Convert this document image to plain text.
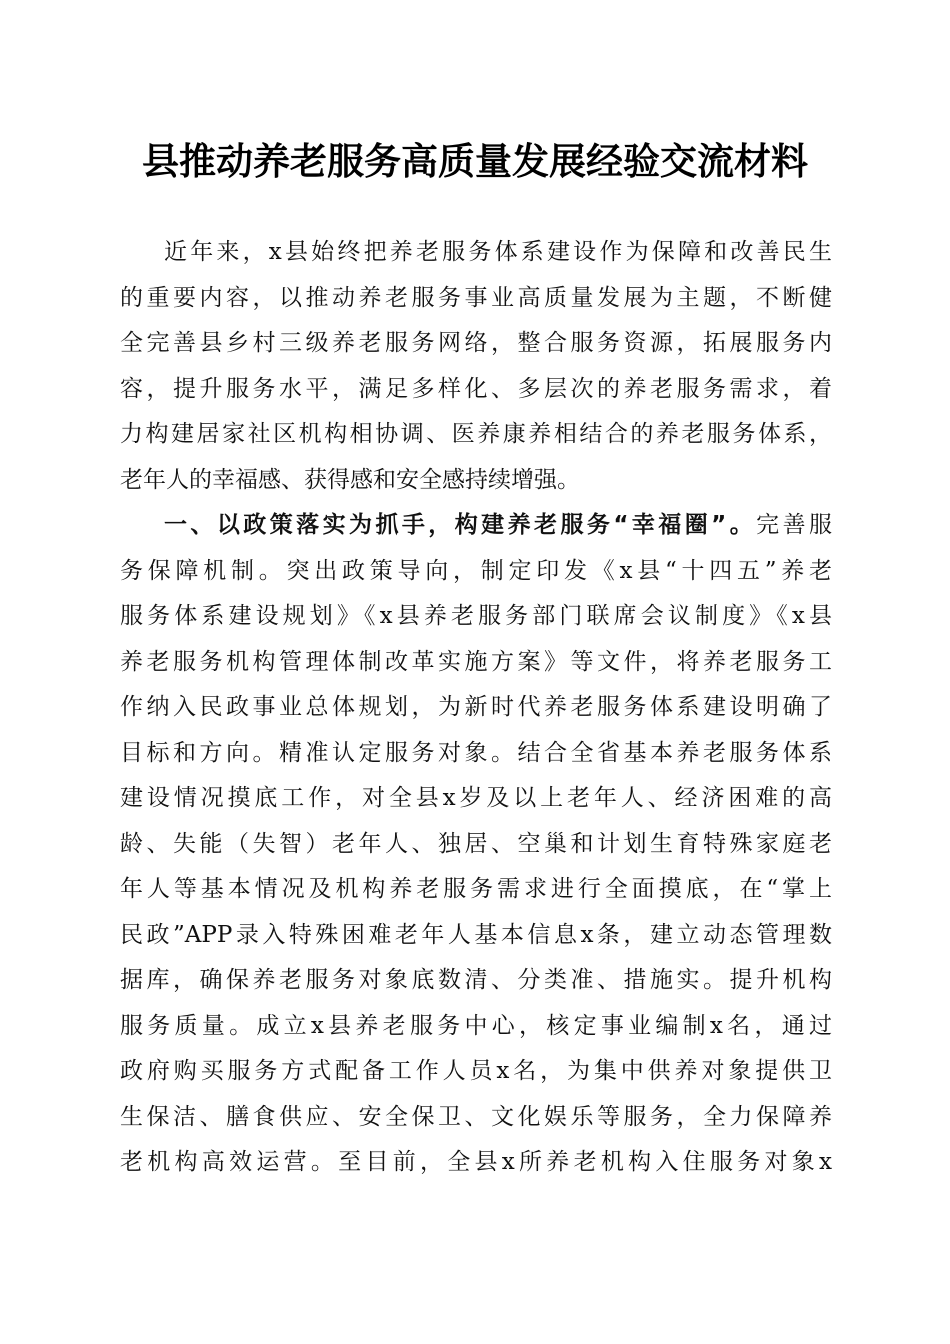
县推动养老服务高质量发展经验交流材料
近年来，x县始终把养老服务体系建设作为保障和改善民生
的重要内容，以推动养老服务事业高质量发展为主题，不断健
全完善县乡村三级养老服务网络，整合服务资源，拓展服务内
容，提升服务水平，满足多样化、多层次的养老服务需求，着
力构建居家社区机构相协调、医养康养相结合的养老服务体系，
老年人的幸福感、获得感和安全感持续增强。
一、以政策落实为抓手，构建养老服务“幸福圈”。完善服
务保障机制。突出政策导向，制定印发《x县“十四五”养老
服务体系建设规划》《x县养老服务部门联席会议制度》《x县
养老服务机构管理体制改革实施方案》等文件，将养老服务工
作纳入民政事业总体规划，为新时代养老服务体系建设明确了
目标和方向。精准认定服务对象。结合全省基本养老服务体系
建设情况摸底工作，对全县x岁及以上老年人、经济困难的高
龄、失能（失智）老年人、独居、空巢和计划生育特殊家庭老
年人等基本情况及机构养老服务需求进行全面摸底，在“掌上
民政”APP录入特殊困难老年人基本信息x条，建立动态管理数
据库，确保养老服务对象底数清、分类准、措施实。提升机构
服务质量。成立x县养老服务中心，核定事业编制x名，通过
政府购买服务方式配备工作人员x名，为集中供养对象提供卫
生保洁、膳食供应、安全保卫、文化娱乐等服务，全力保障养
老机构高效运营。至目前，全县x所养老机构入住服务对象x
